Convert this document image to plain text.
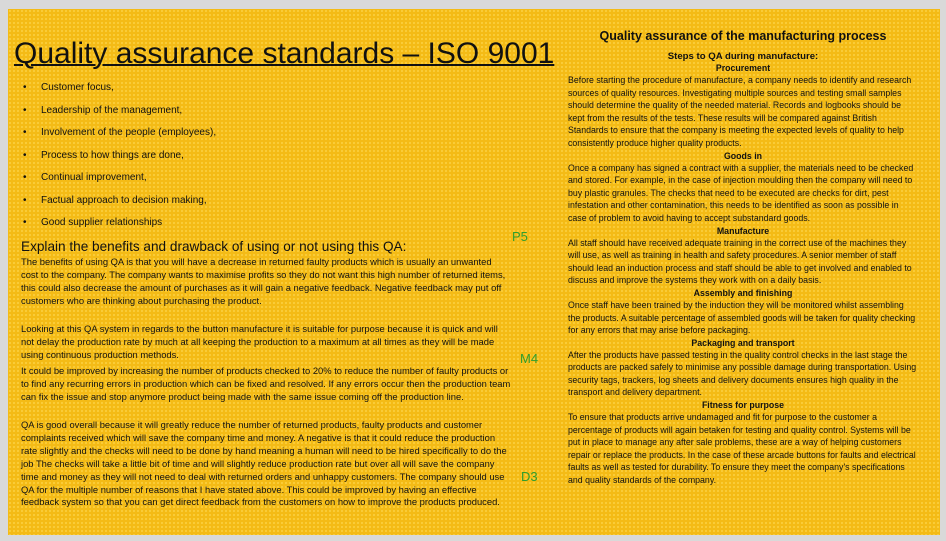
Quality assurance standards – ISO 9001
• Customer focus,
• Leadership of the management,
• Involvement of the people (employees),
• Process to how things are done,
• Continual improvement,
• Factual approach to decision making,
• Good supplier relationships
Explain the benefits and drawback of using or not using this QA:

The benefits of using QA is that you will have a decrease in returned faulty products which is usually an unwanted cost to the company. The company wants to maximise profits so they do not want this high number of returned items, this could also decrease the amount of purchases as it will gain a negative feedback. Negative feedback may put off customers who are thinking about purchasing the product.

Looking at this QA system in regards to the button manufacture it is suitable for purpose because it is quick and will not delay the production rate by much at all keeping the production to a maximum at all times as they will be made using continuous production methods.

It could be improved by increasing the number of products checked to 20% to reduce the number of faulty products or to find any recurring errors in production which can be fixed and resolved. If any errors occur then the production team can fix the issue and stop anymore product being made with the same issue coming off the production line.

QA is good overall because it will greatly reduce the number of returned products, faulty products and customer complaints received which will save the company time and money. A negative is that it could reduce the production rate slightly and the checks will need to be done by hand meaning a human will need to be hired specifically to do the job The checks will take a little bit of time and will slightly reduce production rate but over all will save the company time and money as they will not need to deal with returned orders and unhappy customers. The company should use QA for the multiple number of reasons that I have stated above. This could be improved by having an effective feedback system so that you can get direct feedback from the customers on how to improve the products produced.

P5

M4

D3

Quality assurance of the manufacturing process
Steps to QA during manufacture:
Procurement

Before starting the procedure of manufacture, a company needs to identify and research sources of quality resources. Investigating multiple sources and testing small samples should determine the quality of the needed material. Records and logbooks should be kept from the results of the tests. These results will be compared against British Standards to ensure that the company is meeting the expected levels of quality to help consistently produce higher quality products.

Goods in

Once a company has signed a contract with a supplier, the materials need to be checked and stored. For example, in the case of injection moulding then the company will need to buy plastic granules. The checks that need to be executed are checks for dirt, pest infestation and other contamination, this needs to be identified as soon as possible in case of problem to avoid having to accept substandard goods.

Manufacture

All staff should have received adequate training in the correct use of the machines they will use, as well as training in health and safety procedures. A senior member of staff should lead an induction process and staff should be able to get involved and enabled to discuss and improve the systems they work with on a daily basis.

Assembly and finishing

Once staff have been trained by the induction they will be monitored whilst assembling the products. A suitable percentage of assembled goods will be taken for quality checking for any errors that may arise before packaging.

Packaging and transport

After the products have passed testing in the quality control checks in the last stage the products are packed safely to minimise any possible damage during transportation. Using security tags, trackers, log sheets and delivery documents ensures high quality in the transport and delivery department.

Fitness for purpose

To ensure that products arrive undamaged and fit for purpose to the customer a percentage of products will again betaken for testing and quality control. Systems will be put in place to manage any after sale problems, these are a way of helping customers repair or replace the products. In the case of these arcade buttons for faults and electrical faults as well as tested for durability. To ensure they meet the company's specifications and quality standards of the company.
